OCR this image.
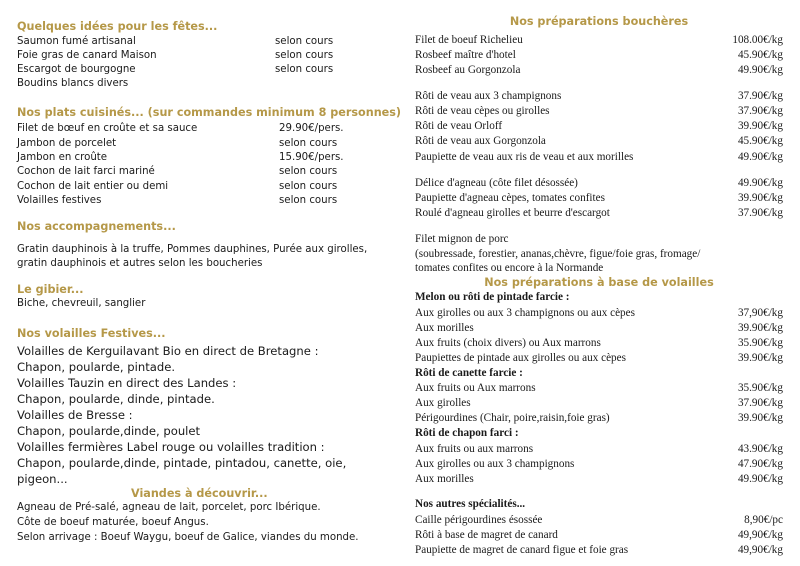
Quelques idées pour les fêtes...
Saumon fumé artisanal	selon cours
Foie gras de canard Maison	selon cours
Escargot de bourgogne	selon cours
Boudins blancs divers
Nos plats cuisinés... (sur commandes minimum 8 personnes)
Filet de bœuf en croûte et sa sauce	29.90€/pers.
Jambon de porcelet	selon cours
Jambon en croûte	15.90€/pers.
Cochon de lait farci mariné	selon cours
Cochon de lait entier ou demi	selon cours
Volailles festives	selon cours
Nos accompagnements...
Gratin dauphinois à la truffe, Pommes dauphines, Purée aux girolles,
gratin dauphinois et autres selon les boucheries
Le gibier...
Biche, chevreuil, sanglier
Nos volailles Festives...
Volailles de Kerguilavant Bio en direct de Bretagne :
Chapon, poularde, pintade.
Volailles Tauzin en direct des Landes :
Chapon, poularde, dinde, pintade.
Volailles de Bresse :
Chapon, poularde,dinde, poulet
Volailles fermières Label rouge ou volailles tradition :
Chapon, poularde,dinde, pintade, pintadou, canette, oie,
pigeon...
Viandes à découvrir...
Agneau de Pré-salé, agneau de lait, porcelet, porc Ibérique.
Côte de boeuf maturée, boeuf Angus.
Selon arrivage : Boeuf Waygu, boeuf de Galice, viandes du monde.
Nos préparations bouchères
Filet de boeuf Richelieu	108.00€/kg
Rosbeef maître d'hotel	45.90€/kg
Rosbeef au Gorgonzola	49.90€/kg
Rôti de veau aux 3 champignons	37.90€/kg
Rôti de veau cèpes ou girolles	37.90€/kg
Rôti de veau Orloff	39.90€/kg
Rôti de veau aux Gorgonzola	45.90€/kg
Paupiette de veau aux ris de veau et aux morilles	49.90€/kg
Délice d'agneau (côte filet désossée)	49.90€/kg
Paupiette d'agneau cèpes, tomates confites	39.90€/kg
Roulé d'agneau girolles et beurre d'escargot	37.90€/kg
Filet mignon de porc
(soubressade, forestier, ananas,chèvre, figue/foie gras, fromage/
tomates confites ou encore à la Normande
Nos préparations à base de volailles
Melon ou rôti de pintade farcie :
Aux girolles ou aux 3 champignons ou aux cèpes	37,90€/kg
Aux morilles	39.90€/kg
Aux fruits (choix divers) ou Aux marrons	35.90€/kg
Paupiettes de pintade aux girolles ou aux cèpes	39.90€/kg
Rôti de canette farcie :
Aux fruits ou Aux marrons	35.90€/kg
Aux girolles	37.90€/kg
Périgourdines (Chair, poire,raisin,foie gras)	39.90€/kg
Rôti de chapon farci :
Aux fruits ou aux marrons	43.90€/kg
Aux girolles ou aux 3 champignons	47.90€/kg
Aux morilles	49.90€/kg
Nos autres spécialités...
Caille périgourdines ésossée	8,90€/pc
Rôti à base de magret de canard	49,90€/kg
Paupiette de magret de canard figue et foie gras	49,90€/kg
